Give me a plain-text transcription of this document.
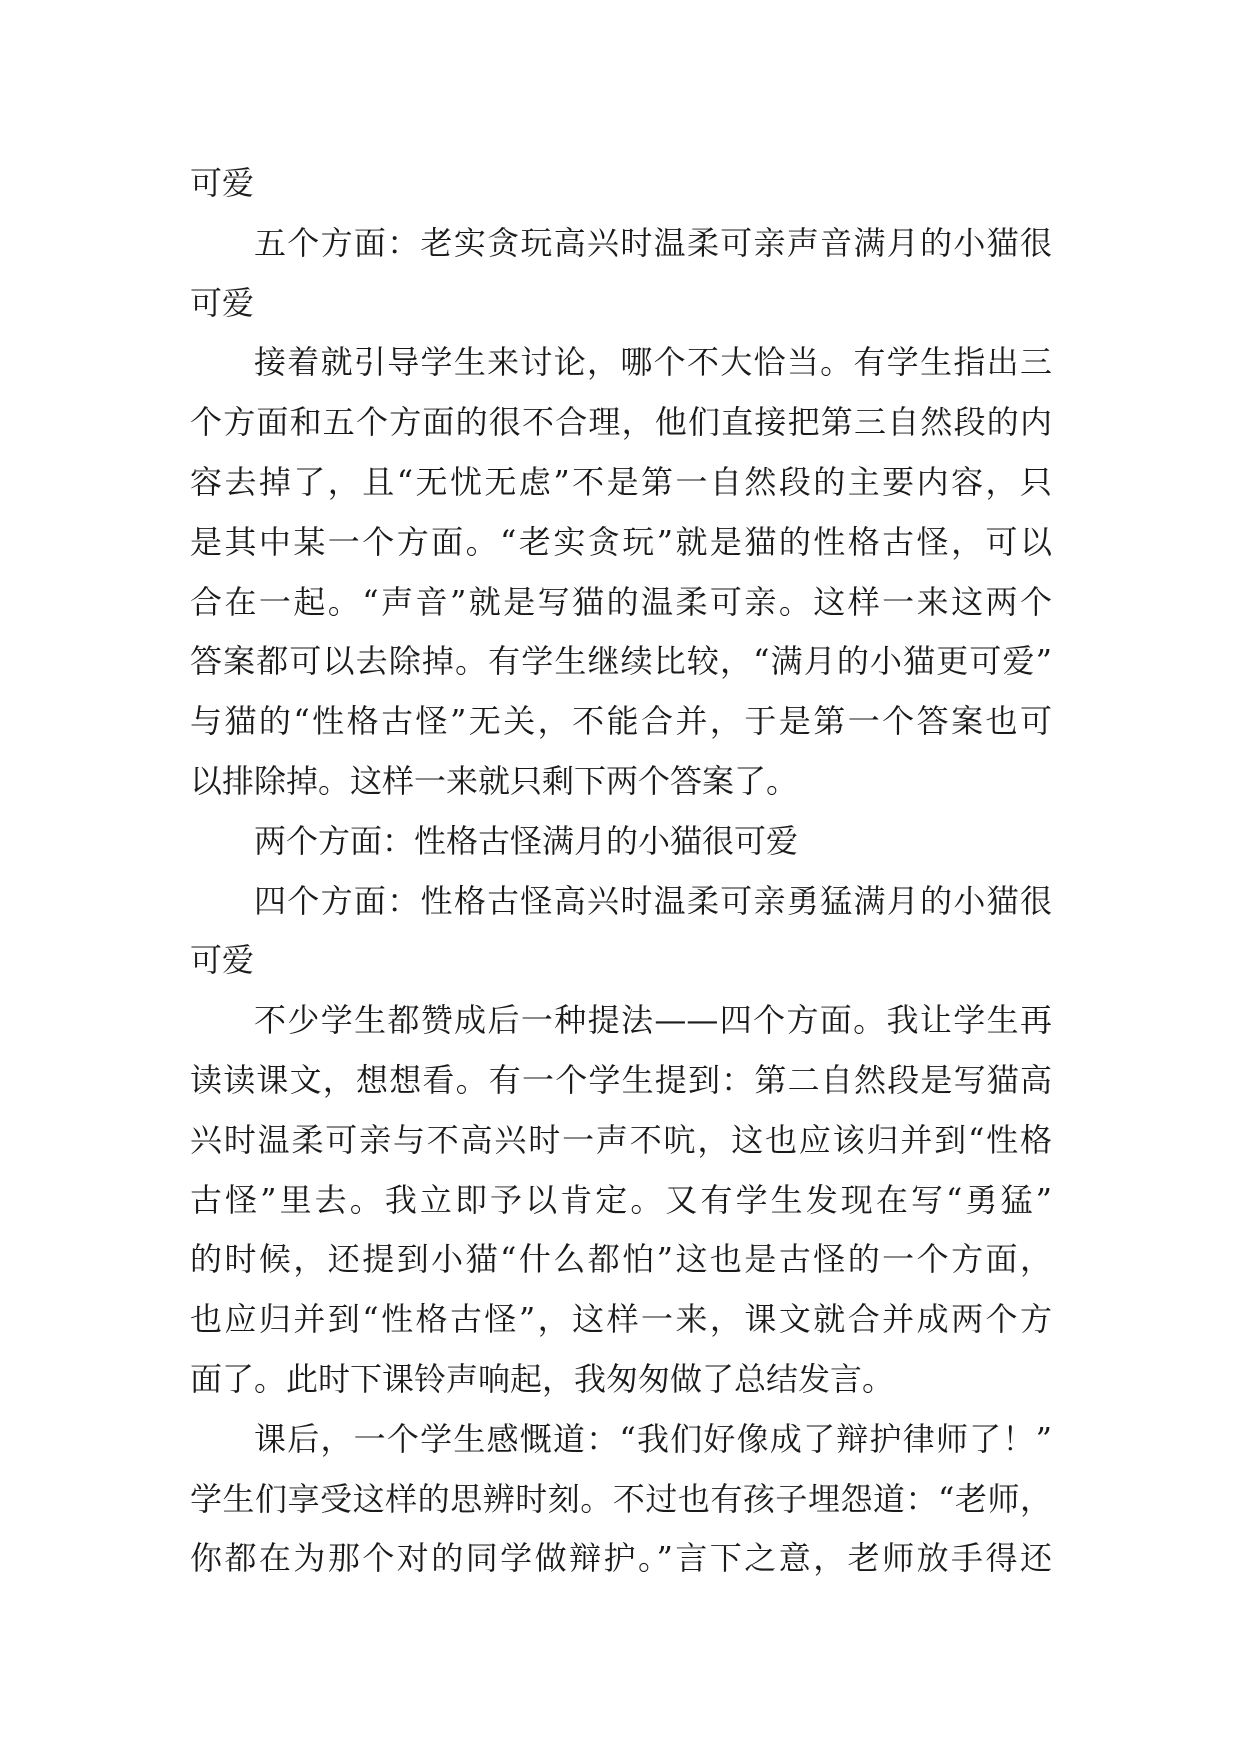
可爱
五个方面：老实贪玩高兴时温柔可亲声音满月的小猫很
可爱
接着就引导学生来讨论，哪个不大恰当。有学生指出三
个方面和五个方面的很不合理，他们直接把第三自然段的内
容去掉了，且“无忧无虑”不是第一自然段的主要内容，只
是其中某一个方面。“老实贪玩”就是猫的性格古怪，可以
合在一起。“声音”就是写猫的温柔可亲。这样一来这两个
答案都可以去除掉。有学生继续比较，“满月的小猫更可爱”
与猫的“性格古怪”无关，不能合并，于是第一个答案也可
以排除掉。这样一来就只剩下两个答案了。
两个方面：性格古怪满月的小猫很可爱
四个方面：性格古怪高兴时温柔可亲勇猛满月的小猫很
可爱
不少学生都赞成后一种提法——四个方面。我让学生再
读读课文，想想看。有一个学生提到：第二自然段是写猫高
兴时温柔可亲与不高兴时一声不吭，这也应该归并到“性格
古怪”里去。我立即予以肯定。又有学生发现在写“勇猛”
的时候，还提到小猫“什么都怕”这也是古怪的一个方面，
也应归并到“性格古怪”，这样一来，课文就合并成两个方
面了。此时下课铃声响起，我匆匆做了总结发言。
课后，一个学生感慨道：“我们好像成了辩护律师了！”
学生们享受这样的思辨时刻。不过也有孩子埋怨道：“老师，
你都在为那个对的同学做辩护。”言下之意，老师放手得还
